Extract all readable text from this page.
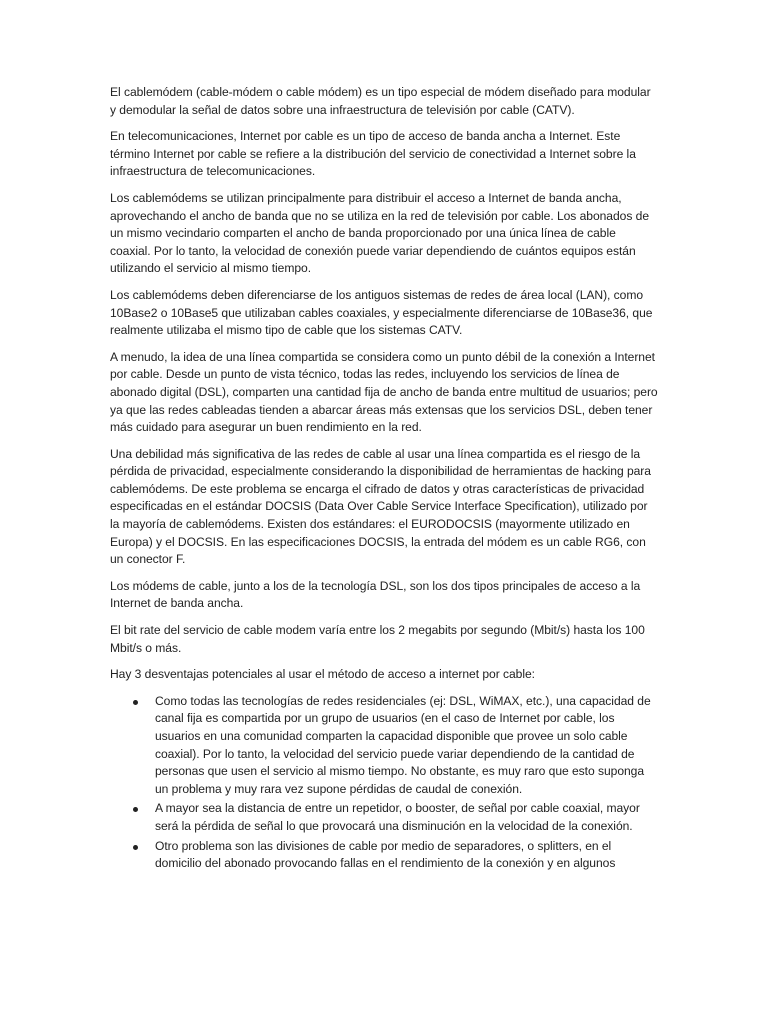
El cablemódem (cable-módem o cable módem) es un tipo especial de módem diseñado para modular y demodular la señal de datos sobre una infraestructura de televisión por cable (CATV).

En telecomunicaciones, Internet por cable es un tipo de acceso de banda ancha a Internet. Este término Internet por cable se refiere a la distribución del servicio de conectividad a Internet sobre la infraestructura de telecomunicaciones.

Los cablemódems se utilizan principalmente para distribuir el acceso a Internet de banda ancha, aprovechando el ancho de banda que no se utiliza en la red de televisión por cable. Los abonados de un mismo vecindario comparten el ancho de banda proporcionado por una única línea de cable coaxial. Por lo tanto, la velocidad de conexión puede variar dependiendo de cuántos equipos están utilizando el servicio al mismo tiempo.

Los cablemódems deben diferenciarse de los antiguos sistemas de redes de área local (LAN), como 10Base2 o 10Base5 que utilizaban cables coaxiales, y especialmente diferenciarse de 10Base36, que realmente utilizaba el mismo tipo de cable que los sistemas CATV.

A menudo, la idea de una línea compartida se considera como un punto débil de la conexión a Internet por cable. Desde un punto de vista técnico, todas las redes, incluyendo los servicios de línea de abonado digital (DSL), comparten una cantidad fija de ancho de banda entre multitud de usuarios; pero ya que las redes cableadas tienden a abarcar áreas más extensas que los servicios DSL, deben tener más cuidado para asegurar un buen rendimiento en la red.

Una debilidad más significativa de las redes de cable al usar una línea compartida es el riesgo de la pérdida de privacidad, especialmente considerando la disponibilidad de herramientas de hacking para cablemódems. De este problema se encarga el cifrado de datos y otras características de privacidad especificadas en el estándar DOCSIS (Data Over Cable Service Interface Specification), utilizado por la mayoría de cablemódems. Existen dos estándares: el EURODOCSIS (mayormente utilizado en Europa) y el DOCSIS. En las especificaciones DOCSIS, la entrada del módem es un cable RG6, con un conector F.

Los módems de cable, junto a los de la tecnología DSL, son los dos tipos principales de acceso a la Internet de banda ancha.

El bit rate del servicio de cable modem varía entre los 2 megabits por segundo (Mbit/s) hasta los 100 Mbit/s o más.

Hay 3 desventajas potenciales al usar el método de acceso a internet por cable:

Como todas las tecnologías de redes residenciales (ej: DSL, WiMAX, etc.), una capacidad de canal fija es compartida por un grupo de usuarios (en el caso de Internet por cable, los usuarios en una comunidad comparten la capacidad disponible que provee un solo cable coaxial). Por lo tanto, la velocidad del servicio puede variar dependiendo de la cantidad de personas que usen el servicio al mismo tiempo. No obstante, es muy raro que esto suponga un problema y muy rara vez supone pérdidas de caudal de conexión.
A mayor sea la distancia de entre un repetidor, o booster, de señal por cable coaxial, mayor será la pérdida de señal lo que provocará una disminución en la velocidad de la conexión.
Otro problema son las divisiones de cable por medio de separadores, o splitters, en el domicilio del abonado provocando fallas en el rendimiento de la conexión y en algunos
